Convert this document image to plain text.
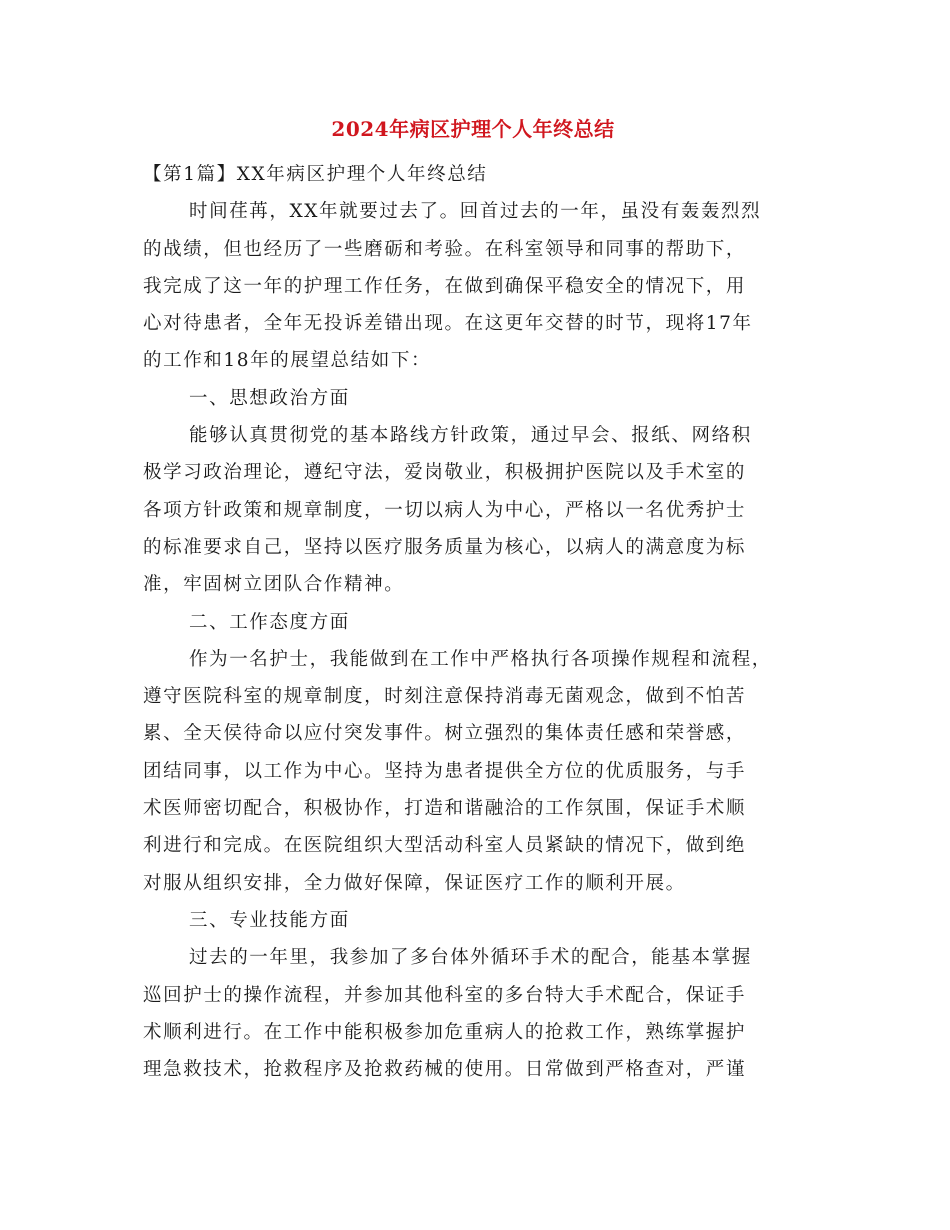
2024年病区护理个人年终总结

【第1篇】XX年病区护理个人年终总结

时间荏苒，XX年就要过去了。回首过去的一年，虽没有轰轰烈烈

的战绩，但也经历了一些磨砺和考验。在科室领导和同事的帮助下，

我完成了这一年的护理工作任务，在做到确保平稳安全的情况下，用

心对待患者，全年无投诉差错出现。在这更年交替的时节，现将17年

的工作和18年的展望总结如下：

一、思想政治方面

能够认真贯彻党的基本路线方针政策，通过早会、报纸、网络积

极学习政治理论，遵纪守法，爱岗敬业，积极拥护医院以及手术室的

各项方针政策和规章制度，一切以病人为中心，严格以一名优秀护士

的标准要求自己，坚持以医疗服务质量为核心，以病人的满意度为标

准，牢固树立团队合作精神。

二、工作态度方面

作为一名护士，我能做到在工作中严格执行各项操作规程和流程，

遵守医院科室的规章制度，时刻注意保持消毒无菌观念，做到不怕苦

累、全天侯待命以应付突发事件。树立强烈的集体责任感和荣誉感，

团结同事，以工作为中心。坚持为患者提供全方位的优质服务，与手

术医师密切配合，积极协作，打造和谐融洽的工作氛围，保证手术顺

利进行和完成。在医院组织大型活动科室人员紧缺的情况下，做到绝

对服从组织安排，全力做好保障，保证医疗工作的顺利开展。

三、专业技能方面

过去的一年里，我参加了多台体外循环手术的配合，能基本掌握

巡回护士的操作流程，并参加其他科室的多台特大手术配合，保证手

术顺利进行。在工作中能积极参加危重病人的抢救工作，熟练掌握护

理急救技术，抢救程序及抢救药械的使用。日常做到严格查对，严谨
